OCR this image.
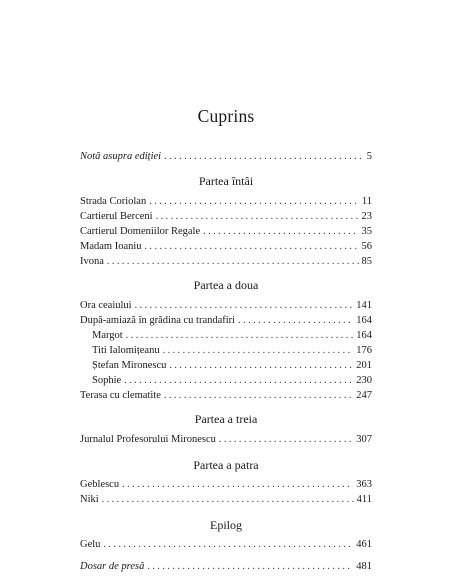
Cuprins
Notă asupra ediției . . .	5
Partea întâi
Strada Coriolan . . .	11
Cartierul Berceni . . .	23
Cartierul Domeniilor Regale . . .	35
Madam Ioaniu . . .	56
Ivona . . .	85
Partea a doua
Ora ceaiului . . .	141
După-amiază în grădina cu trandafiri . . .	164
Margot . . .	164
Titi Ialomițeanu . . .	176
Ștefan Mironescu . . .	201
Sophie . . .	230
Terasa cu clematite . . .	247
Partea a treia
Jurnalul Profesorului Mironescu . . .	307
Partea a patra
Geblescu . . .	363
Niki . . .	411
Epilog
Gelu . . .	461
Dosar de presă . . .	481
